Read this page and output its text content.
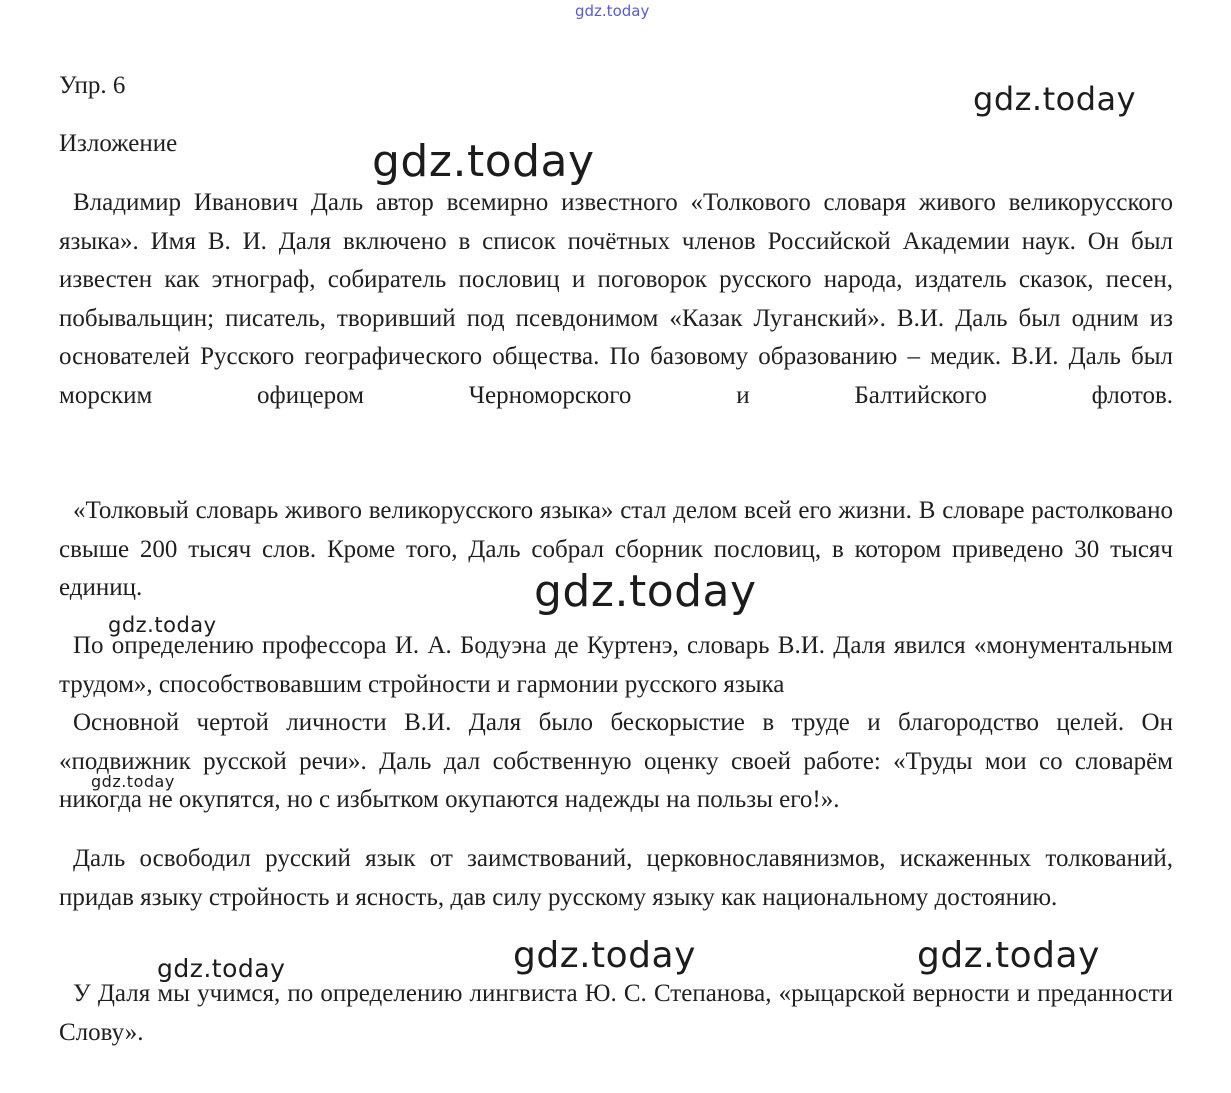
gdz.today
Упр. 6
Изложение

Владимир Иванович Даль автор всемирно известного «Толкового словаря живого великорусского языка». Имя В. И. Даля включено в список почётных членов Российской Академии наук. Он был известен как этнограф, собиратель пословиц и поговорок русского народа, издатель сказок, песен, побывальщин; писатель, творивший под псевдонимом «Казак Луганский». В.И. Даль был одним из основателей Русского географического общества. По базовому образованию – медик. В.И. Даль был морским офицером Черноморского и Балтийского флотов.

«Толковый словарь живого великорусского языка» стал делом всей его жизни. В словаре растолковано свыше 200 тысяч слов. Кроме того, Даль собрал сборник пословиц, в котором приведено 30 тысяч единиц.

По определению профессора И. А. Бодуэна де Куртенэ, словарь В.И. Даля явился «монументальным трудом», способствовавшим стройности и гармонии русского языка

Основной чертой личности В.И. Даля было бескорыстие в труде и благородство целей. Он «подвижник русской речи». Даль дал собственную оценку своей работе: «Труды мои со словарём никогда не окупятся, но с избытком окупаются надежды на пользы его!».

Даль освободил русский язык от заимствований, церковнославянизмов, искаженных толкований, придав языку стройность и ясность, дав силу русскому языку как национальному достоянию.

У Даля мы учимся, по определению лингвиста Ю. С. Степанова, «рыцарской верности и преданности Слову».

gdz.today
gdz.today
gdz.today
gdz.today
gdz.today
gdz.today	gdz.today	gdz.today
